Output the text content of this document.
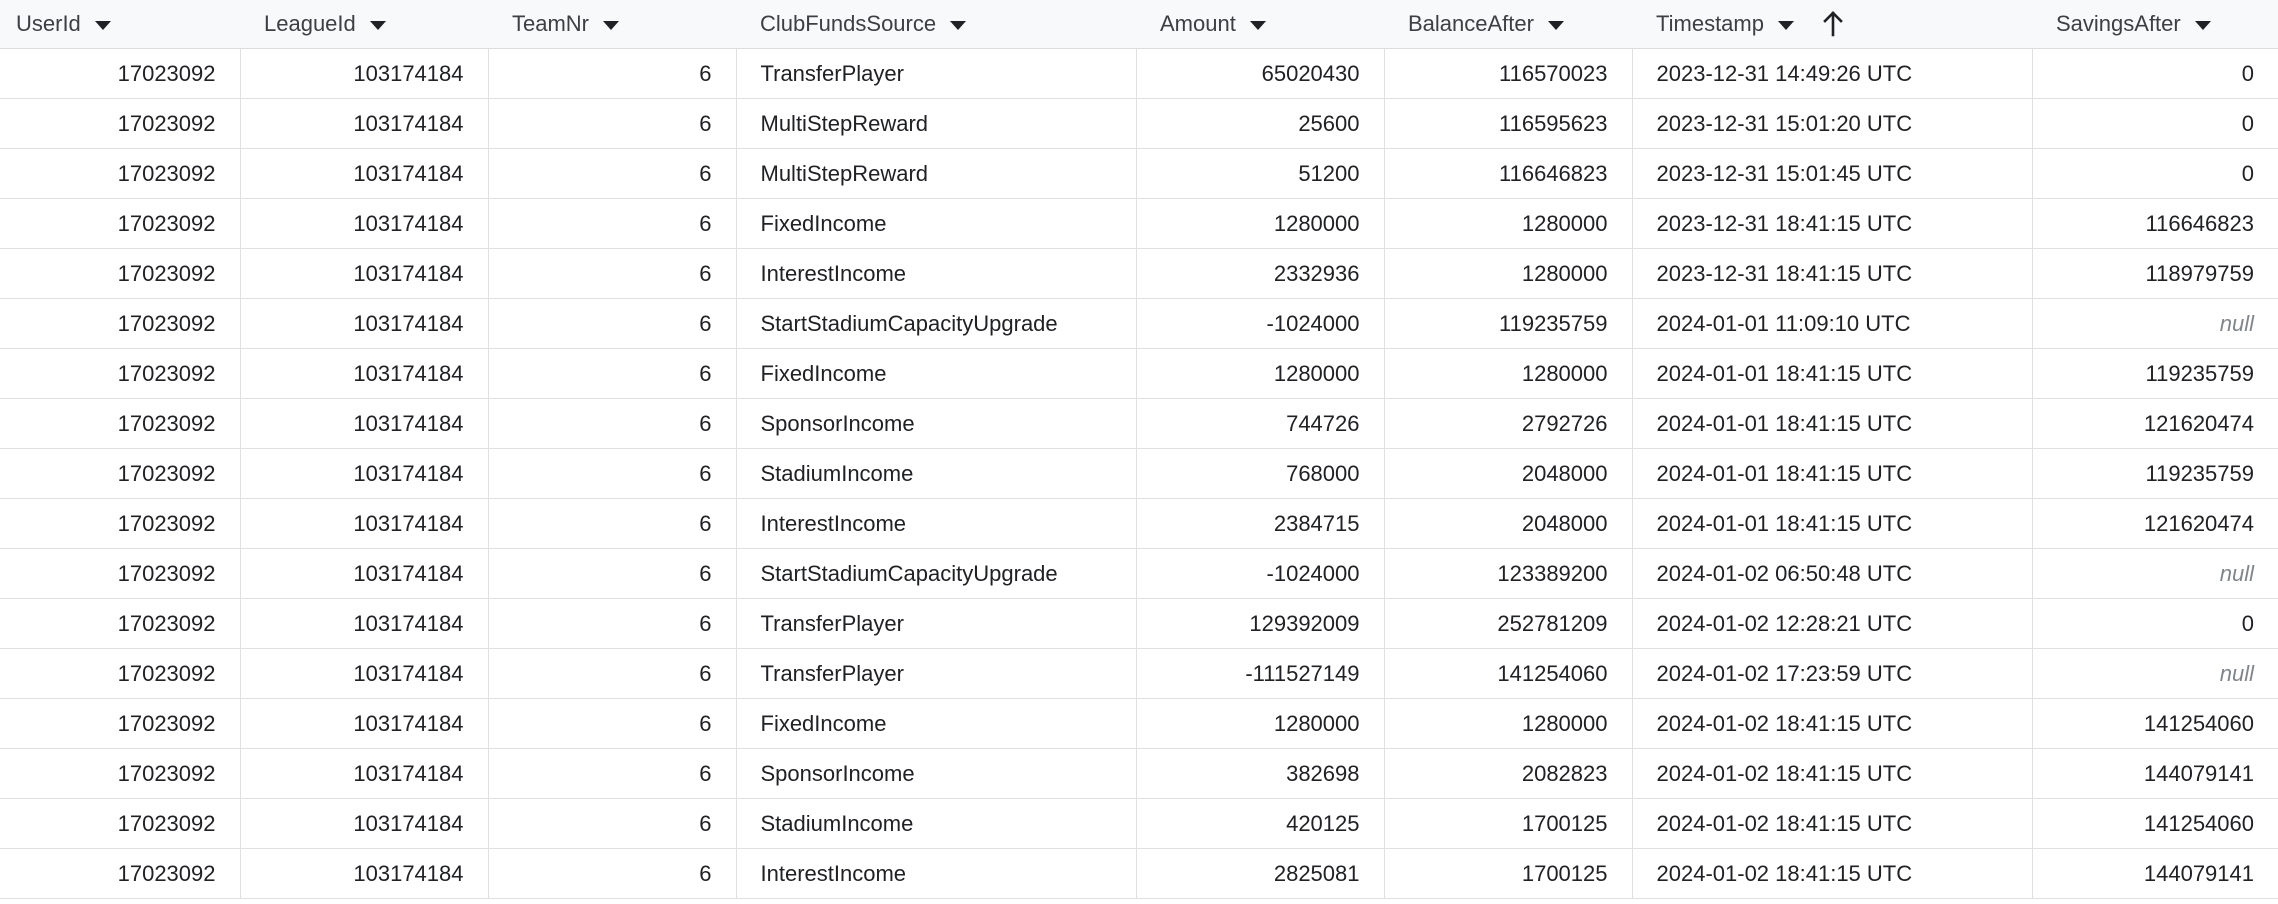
UserId	LeagueId	TeamNr	ClubFundsSource	Amount	BalanceAfter	Timestamp	SavingsAfter

17023092	103174184	6	TransferPlayer	65020430	116570023	2023-12-31 14:49:26 UTC	0
17023092	103174184	6	MultiStepReward	25600	116595623	2023-12-31 15:01:20 UTC	0
17023092	103174184	6	MultiStepReward	51200	116646823	2023-12-31 15:01:45 UTC	0
17023092	103174184	6	FixedIncome	1280000	1280000	2023-12-31 18:41:15 UTC	116646823
17023092	103174184	6	InterestIncome	2332936	1280000	2023-12-31 18:41:15 UTC	118979759
17023092	103174184	6	StartStadiumCapacityUpgrade	-1024000	119235759	2024-01-01 11:09:10 UTC	null
17023092	103174184	6	FixedIncome	1280000	1280000	2024-01-01 18:41:15 UTC	119235759
17023092	103174184	6	SponsorIncome	744726	2792726	2024-01-01 18:41:15 UTC	121620474
17023092	103174184	6	StadiumIncome	768000	2048000	2024-01-01 18:41:15 UTC	119235759
17023092	103174184	6	InterestIncome	2384715	2048000	2024-01-01 18:41:15 UTC	121620474
17023092	103174184	6	StartStadiumCapacityUpgrade	-1024000	123389200	2024-01-02 06:50:48 UTC	null
17023092	103174184	6	TransferPlayer	129392009	252781209	2024-01-02 12:28:21 UTC	0
17023092	103174184	6	TransferPlayer	-111527149	141254060	2024-01-02 17:23:59 UTC	null
17023092	103174184	6	FixedIncome	1280000	1280000	2024-01-02 18:41:15 UTC	141254060
17023092	103174184	6	SponsorIncome	382698	2082823	2024-01-02 18:41:15 UTC	144079141
17023092	103174184	6	StadiumIncome	420125	1700125	2024-01-02 18:41:15 UTC	141254060
17023092	103174184	6	InterestIncome	2825081	1700125	2024-01-02 18:41:15 UTC	144079141
